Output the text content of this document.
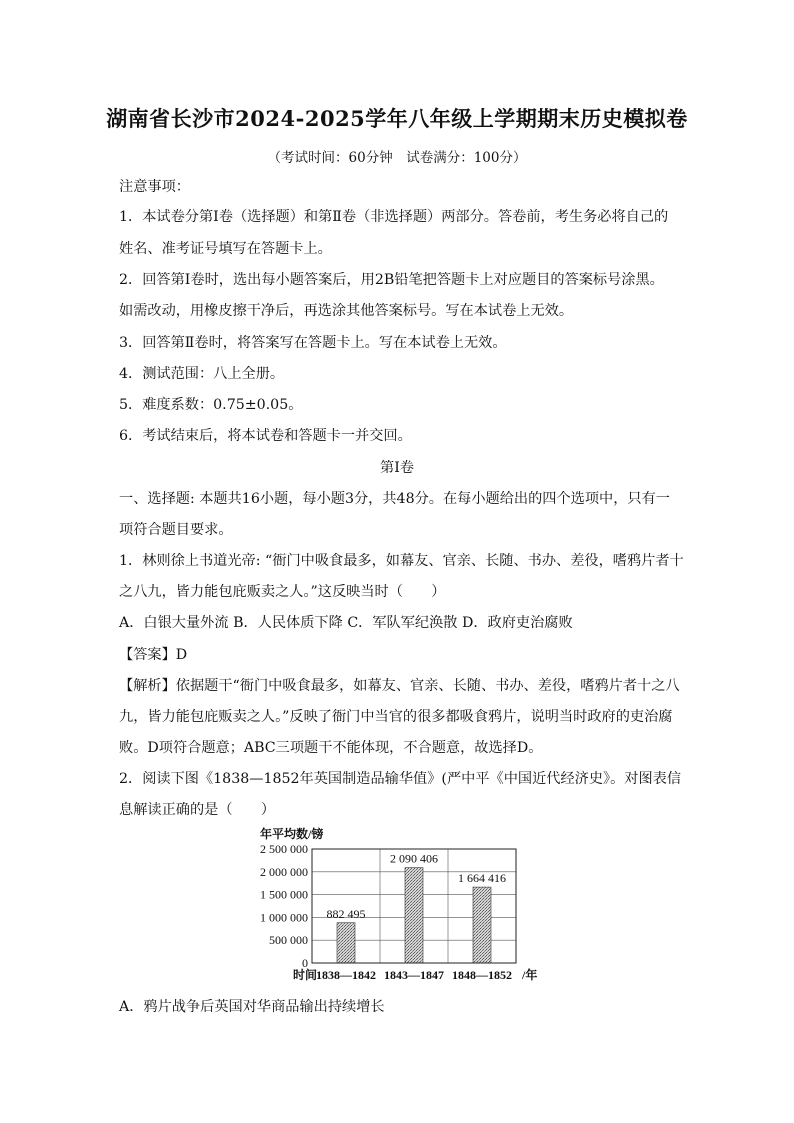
湖南省长沙市2024-2025学年八年级上学期期末历史模拟卷
（考试时间：60分钟　试卷满分：100分）
注意事项：
1．本试卷分第Ⅰ卷（选择题）和第Ⅱ卷（非选择题）两部分。答卷前，考生务必将自己的
姓名、准考证号填写在答题卡上。
2．回答第Ⅰ卷时，选出每小题答案后，用2B铅笔把答题卡上对应题目的答案标号涂黑。
如需改动，用橡皮擦干净后，再选涂其他答案标号。写在本试卷上无效。
3．回答第Ⅱ卷时，将答案写在答题卡上。写在本试卷上无效。
4．测试范围：八上全册。
5．难度系数：0.75±0.05。
6．考试结束后，将本试卷和答题卡一并交回。
第Ⅰ卷
一、选择题: 本题共16小题，每小题3分，共48分。在每小题给出的四个选项中，只有一
项符合题目要求。
1．林则徐上书道光帝: “衙门中吸食最多，如幕友、官亲、长随、书办、差役，嗜鸦片者十
之八九，皆力能包庇贩卖之人。”这反映当时（　　）
A．白银大量外流 B．人民体质下降 C．军队军纪涣散 D．政府吏治腐败
【答案】D
【解析】依据题干“衙门中吸食最多，如幕友、官亲、长随、书办、差役，嗜鸦片者十之八
九，皆力能包庇贩卖之人。”反映了衙门中当官的很多都吸食鸦片，说明当时政府的吏治腐
败。D项符合题意；ABC三项题干不能体现，不合题意，故选择D。
2．阅读下图《1838—1852年英国制造品输华值》(严中平《中国近代经济史》。对图表信
息解读正确的是（　　）
0
500 000
1 000 000
1 500 000
2 000 000
2 500 000
882 495
2 090 406
1 664 416
年平均数/镑
时间
1838—1842 1843—1847 1848—1852 /年
A．鸦片战争后英国对华商品输出持续增长
